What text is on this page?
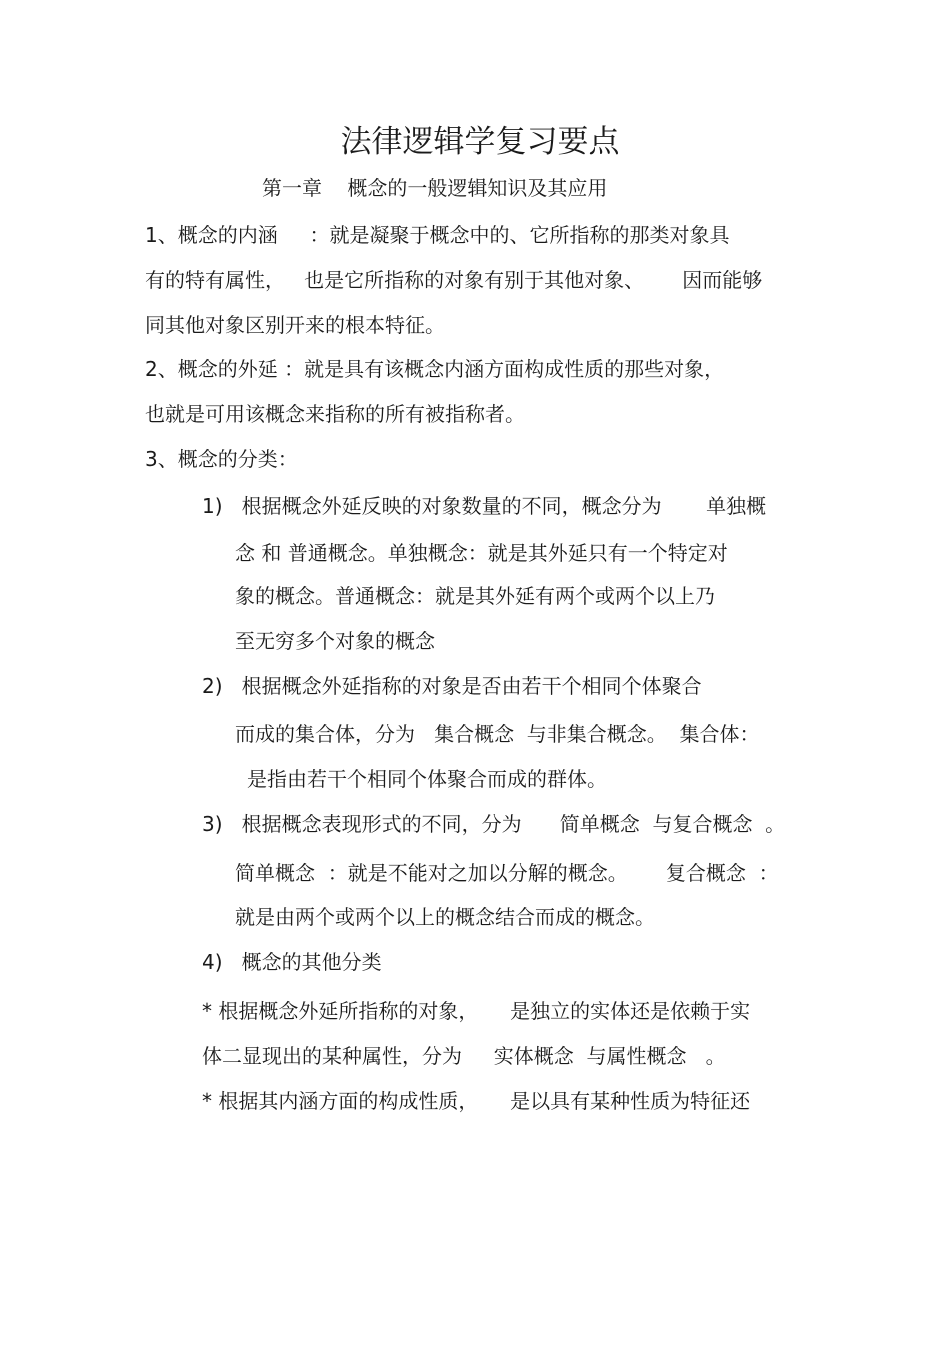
法律逻辑学复习要点
第一章    概念的一般逻辑知识及其应用
1、概念的内涵     ：就是凝聚于概念中的、它所指称的那类对象具
有的特有属性，   也是它所指称的对象有别于其他对象、      因而能够
同其他对象区别开来的根本特征。
2、概念的外延 ：就是具有该概念内涵方面构成性质的那些对象，
也就是可用该概念来指称的所有被指称者。
3、概念的分类：
1)   根据概念外延反映的对象数量的不同，概念分为       单独概
念 和 普通概念。单独概念：就是其外延只有一个特定对
象的概念。普通概念：就是其外延有两个或两个以上乃
至无穷多个对象的概念
2)   根据概念外延指称的对象是否由若干个相同个体聚合
而成的集合体，分为   集合概念  与非集合概念。  集合体：
是指由若干个相同个体聚合而成的群体。
3)   根据概念表现形式的不同，分为      简单概念  与复合概念  。
简单概念  ：就是不能对之加以分解的概念。      复合概念  ：
就是由两个或两个以上的概念结合而成的概念。
4)   概念的其他分类
* 根据概念外延所指称的对象，     是独立的实体还是依赖于实
体二显现出的某种属性，分为     实体概念  与属性概念   。
* 根据其内涵方面的构成性质，     是以具有某种性质为特征还
